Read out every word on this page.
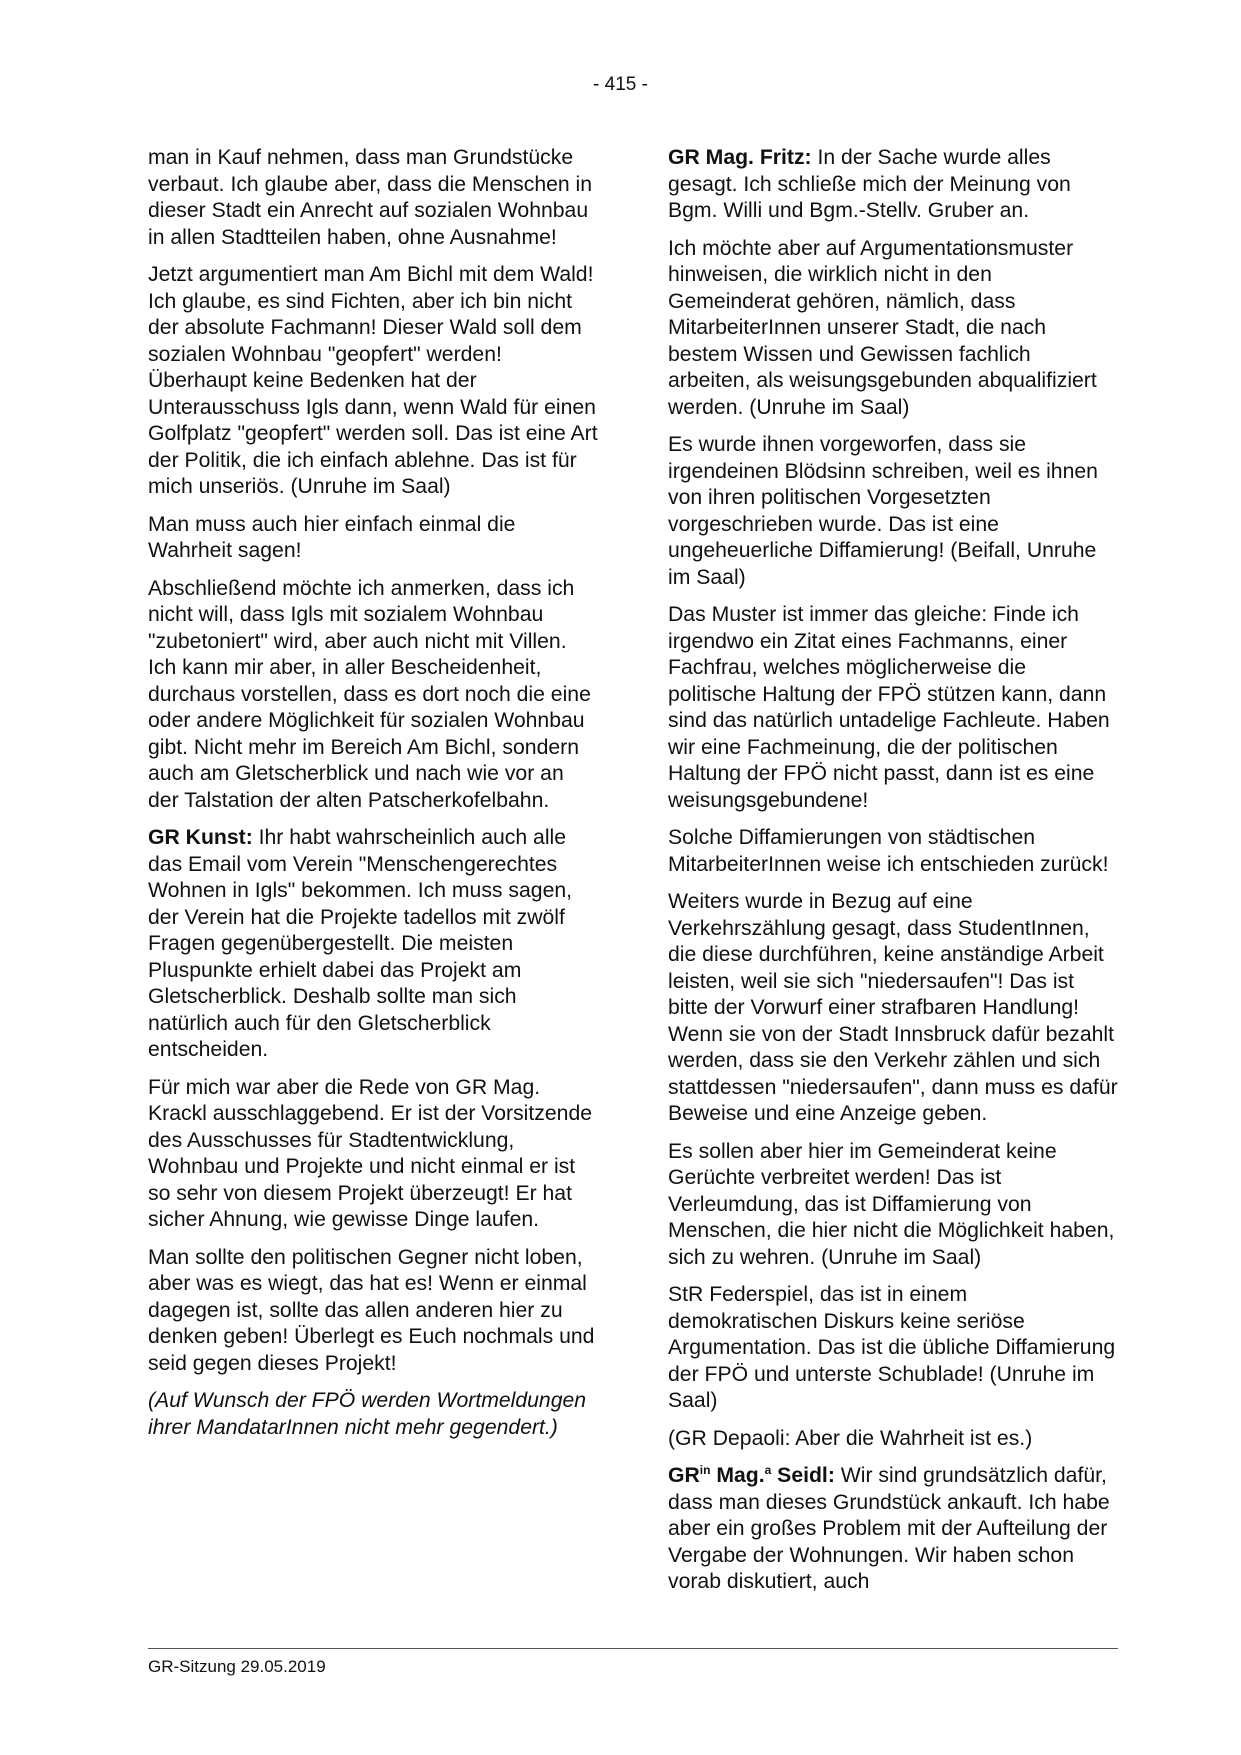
- 415 -

man in Kauf nehmen, dass man Grundstücke verbaut. Ich glaube aber, dass die Menschen in dieser Stadt ein Anrecht auf sozialen Wohnbau in allen Stadtteilen haben, ohne Ausnahme!

Jetzt argumentiert man Am Bichl mit dem Wald! Ich glaube, es sind Fichten, aber ich bin nicht der absolute Fachmann! Dieser Wald soll dem sozialen Wohnbau "geopfert" werden! Überhaupt keine Bedenken hat der Unterausschuss Igls dann, wenn Wald für einen Golfplatz "geopfert" werden soll. Das ist eine Art der Politik, die ich einfach ablehne. Das ist für mich unseriös. (Unruhe im Saal)

Man muss auch hier einfach einmal die Wahrheit sagen!

Abschließend möchte ich anmerken, dass ich nicht will, dass Igls mit sozialem Wohnbau "zubetoniert" wird, aber auch nicht mit Villen. Ich kann mir aber, in aller Bescheidenheit, durchaus vorstellen, dass es dort noch die eine oder andere Möglichkeit für sozialen Wohnbau gibt. Nicht mehr im Bereich Am Bichl, sondern auch am Gletscherblick und nach wie vor an der Talstation der alten Patscherkofelbahn.

GR Kunst: Ihr habt wahrscheinlich auch alle das Email vom Verein "Menschengerechtes Wohnen in Igls" bekommen. Ich muss sagen, der Verein hat die Projekte tadellos mit zwölf Fragen gegenübergestellt. Die meisten Pluspunkte erhielt dabei das Projekt am Gletscherblick. Deshalb sollte man sich natürlich auch für den Gletscherblick entscheiden.

Für mich war aber die Rede von GR Mag. Krackl ausschlaggebend. Er ist der Vorsitzende des Ausschusses für Stadtentwicklung, Wohnbau und Projekte und nicht einmal er ist so sehr von diesem Projekt überzeugt! Er hat sicher Ahnung, wie gewisse Dinge laufen.

Man sollte den politischen Gegner nicht loben, aber was es wiegt, das hat es! Wenn er einmal dagegen ist, sollte das allen anderen hier zu denken geben! Überlegt es Euch nochmals und seid gegen dieses Projekt!

(Auf Wunsch der FPÖ werden Wortmeldungen ihrer MandatarInnen nicht mehr gegendert.)

GR Mag. Fritz: In der Sache wurde alles gesagt. Ich schließe mich der Meinung von Bgm. Willi und Bgm.-Stellv. Gruber an.

Ich möchte aber auf Argumentationsmuster hinweisen, die wirklich nicht in den Gemeinderat gehören, nämlich, dass MitarbeiterInnen unserer Stadt, die nach bestem Wissen und Gewissen fachlich arbeiten, als weisungsgebunden abqualifiziert werden. (Unruhe im Saal)

Es wurde ihnen vorgeworfen, dass sie irgendeinen Blödsinn schreiben, weil es ihnen von ihren politischen Vorgesetzten vorgeschrieben wurde. Das ist eine ungeheuerliche Diffamierung! (Beifall, Unruhe im Saal)

Das Muster ist immer das gleiche: Finde ich irgendwo ein Zitat eines Fachmanns, einer Fachfrau, welches möglicherweise die politische Haltung der FPÖ stützen kann, dann sind das natürlich untadelige Fachleute. Haben wir eine Fachmeinung, die der politischen Haltung der FPÖ nicht passt, dann ist es eine weisungsgebundene!

Solche Diffamierungen von städtischen MitarbeiterInnen weise ich entschieden zurück!

Weiters wurde in Bezug auf eine Verkehrszählung gesagt, dass StudentInnen, die diese durchführen, keine anständige Arbeit leisten, weil sie sich "niedersaufen"! Das ist bitte der Vorwurf einer strafbaren Handlung! Wenn sie von der Stadt Innsbruck dafür bezahlt werden, dass sie den Verkehr zählen und sich stattdessen "niedersaufen", dann muss es dafür Beweise und eine Anzeige geben.

Es sollen aber hier im Gemeinderat keine Gerüchte verbreitet werden! Das ist Verleumdung, das ist Diffamierung von Menschen, die hier nicht die Möglichkeit haben, sich zu wehren. (Unruhe im Saal)

StR Federspiel, das ist in einem demokratischen Diskurs keine seriöse Argumentation. Das ist die übliche Diffamierung der FPÖ und unterste Schublade! (Unruhe im Saal)

(GR Depaoli: Aber die Wahrheit ist es.)

$GR^{in}$ Mag.$^a$ Seidl: Wir sind grundsätzlich dafür, dass man dieses Grundstück ankauft. Ich habe aber ein großes Problem mit der Aufteilung der Vergabe der Wohnungen. Wir haben schon vorab diskutiert, auch

GR-Sitzung 29.05.2019
